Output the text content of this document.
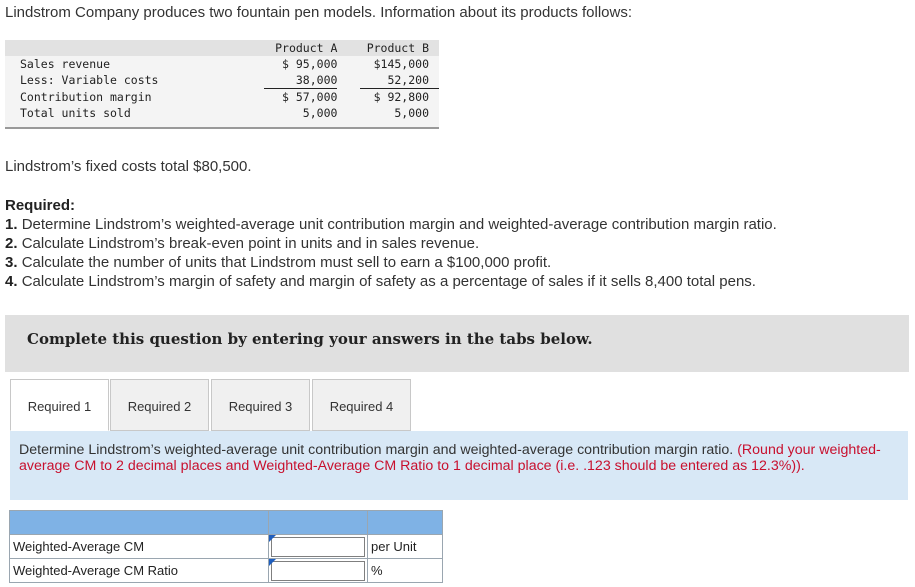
Lindstrom Company produces two fountain pen models. Information about its products follows:
	Product A		Product B
Sales revenue	$ 95,000		$145,000
Less: Variable costs	38,000		52,200
Contribution margin	$ 57,000		$ 92,800
Total units sold	5,000		5,000

Lindstrom’s fixed costs total $80,500.
Required:
1. Determine Lindstrom’s weighted-average unit contribution margin and weighted-average contribution margin ratio.
2. Calculate Lindstrom’s break-even point in units and in sales revenue.
3. Calculate the number of units that Lindstrom must sell to earn a $100,000 profit.
4. Calculate Lindstrom’s margin of safety and margin of safety as a percentage of sales if it sells 8,400 total pens.
Complete this question by entering your answers in the tabs below.
Required 1	Required 2	Required 3	Required 4

Determine Lindstrom’s weighted-average unit contribution margin and weighted-average contribution margin ratio. (Round your weighted-average CM to 2 decimal places and Weighted-Average CM Ratio to 1 decimal place (i.e. .123 should be entered as 12.3%)).

Weighted-Average CM		per Unit
Weighted-Average CM Ratio		%
